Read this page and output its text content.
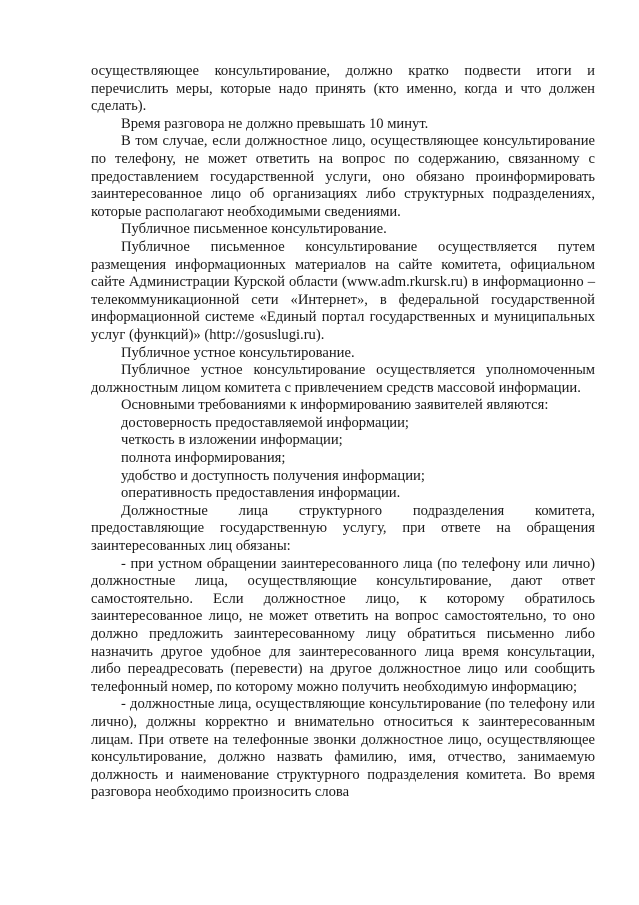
осуществляющее консультирование, должно кратко подвести итоги и перечислить меры, которые надо принять (кто именно, когда и что должен сделать).

Время разговора не должно превышать 10 минут.

В том случае, если должностное лицо, осуществляющее консультирование по телефону, не может ответить на вопрос по содержанию, связанному с предоставлением государственной услуги, оно обязано проинформировать заинтересованное лицо об организациях либо структурных подразделениях, которые располагают необходимыми сведениями.

Публичное письменное консультирование.

Публичное письменное консультирование осуществляется путем размещения информационных материалов на сайте комитета, официальном сайте Администрации Курской области (www.adm.rkursk.ru) в информационно – телекоммуникационной сети «Интернет», в федеральной государственной информационной системе «Единый портал государственных и муниципальных услуг (функций)» (http://gosuslugi.ru).

Публичное устное консультирование.

Публичное устное консультирование осуществляется уполномоченным должностным лицом комитета с привлечением средств массовой информации.

Основными требованиями к информированию заявителей являются:

достоверность предоставляемой информации;

четкость в изложении информации;

полнота информирования;

удобство и доступность получения информации;

оперативность предоставления информации.

Должностные лица структурного подразделения комитета, предоставляющие государственную услугу, при ответе на обращения заинтересованных лиц обязаны:

- при устном обращении заинтересованного лица (по телефону или лично) должностные лица, осуществляющие консультирование, дают ответ самостоятельно. Если должностное лицо, к которому обратилось заинтересованное лицо, не может ответить на вопрос самостоятельно, то оно должно предложить заинтересованному лицу обратиться письменно либо назначить другое удобное для заинтересованного лица время консультации, либо переадресовать (перевести) на другое должностное лицо или сообщить телефонный номер, по которому можно получить необходимую информацию;

- должностные лица, осуществляющие консультирование (по телефону или лично), должны корректно и внимательно относиться к заинтересованным лицам. При ответе на телефонные звонки должностное лицо, осуществляющее консультирование, должно назвать фамилию, имя, отчество, занимаемую должность и наименование структурного подразделения комитета. Во время разговора необходимо произносить слова
